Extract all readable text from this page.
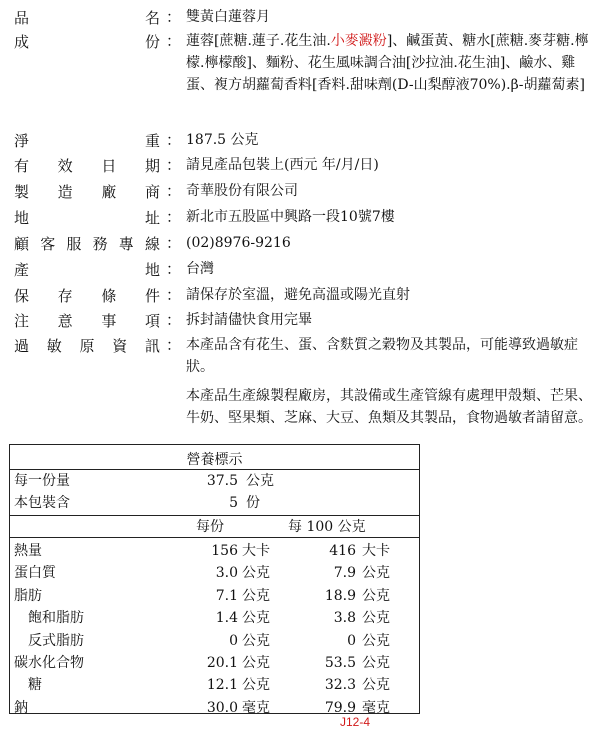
品	名 ： 雙黃白蓮蓉月
成	份 ： 蓮蓉[蔗糖.蓮子.花生油.小麥澱粉]、鹹蛋黃、糖水[蔗糖.麥芽糖.檸檬.檸檬酸]、麵粉、花生風味調合油[沙拉油.花生油]、鹼水、雞蛋、複方胡蘿蔔香料[香料.甜味劑(D-山梨醇液70%).β-胡蘿蔔素]
淨	重 ： 187.5 公克
有 效 日 期 ： 請見產品包裝上(西元 年/月/日)
製 造 廠 商 ： 奇華股份有限公司
地	址 ： 新北市五股區中興路一段10號7樓
顧 客 服 務 專 線 ： (02)8976-9216
產	地 ： 台灣
保 存 條 件 ： 請保存於室溫，避免高溫或陽光直射
注 意 事 項 ： 拆封請儘快食用完畢
過 敏 原 資 訊 ： 本產品含有花生、蛋、含麩質之穀物及其製品，可能導致過敏症狀。
本產品生產線製程廠房，其設備或生產管線有處理甲殼類、芒果、牛奶、堅果類、芝麻、大豆、魚類及其製品，食物過敏者請留意。
營養標示
每一份量	37.5 公克
本包裝含	5 份
每份	每 100 公克
熱量	156 大卡	416 大卡
蛋白質	3.0 公克	7.9 公克
脂肪	7.1 公克	18.9 公克
　飽和脂肪	1.4 公克	3.8 公克
　反式脂肪	0 公克	0 公克
碳水化合物	20.1 公克	53.5 公克
　糖	12.1 公克	32.3 公克
鈉	30.0 毫克	79.9 毫克
J12-4
